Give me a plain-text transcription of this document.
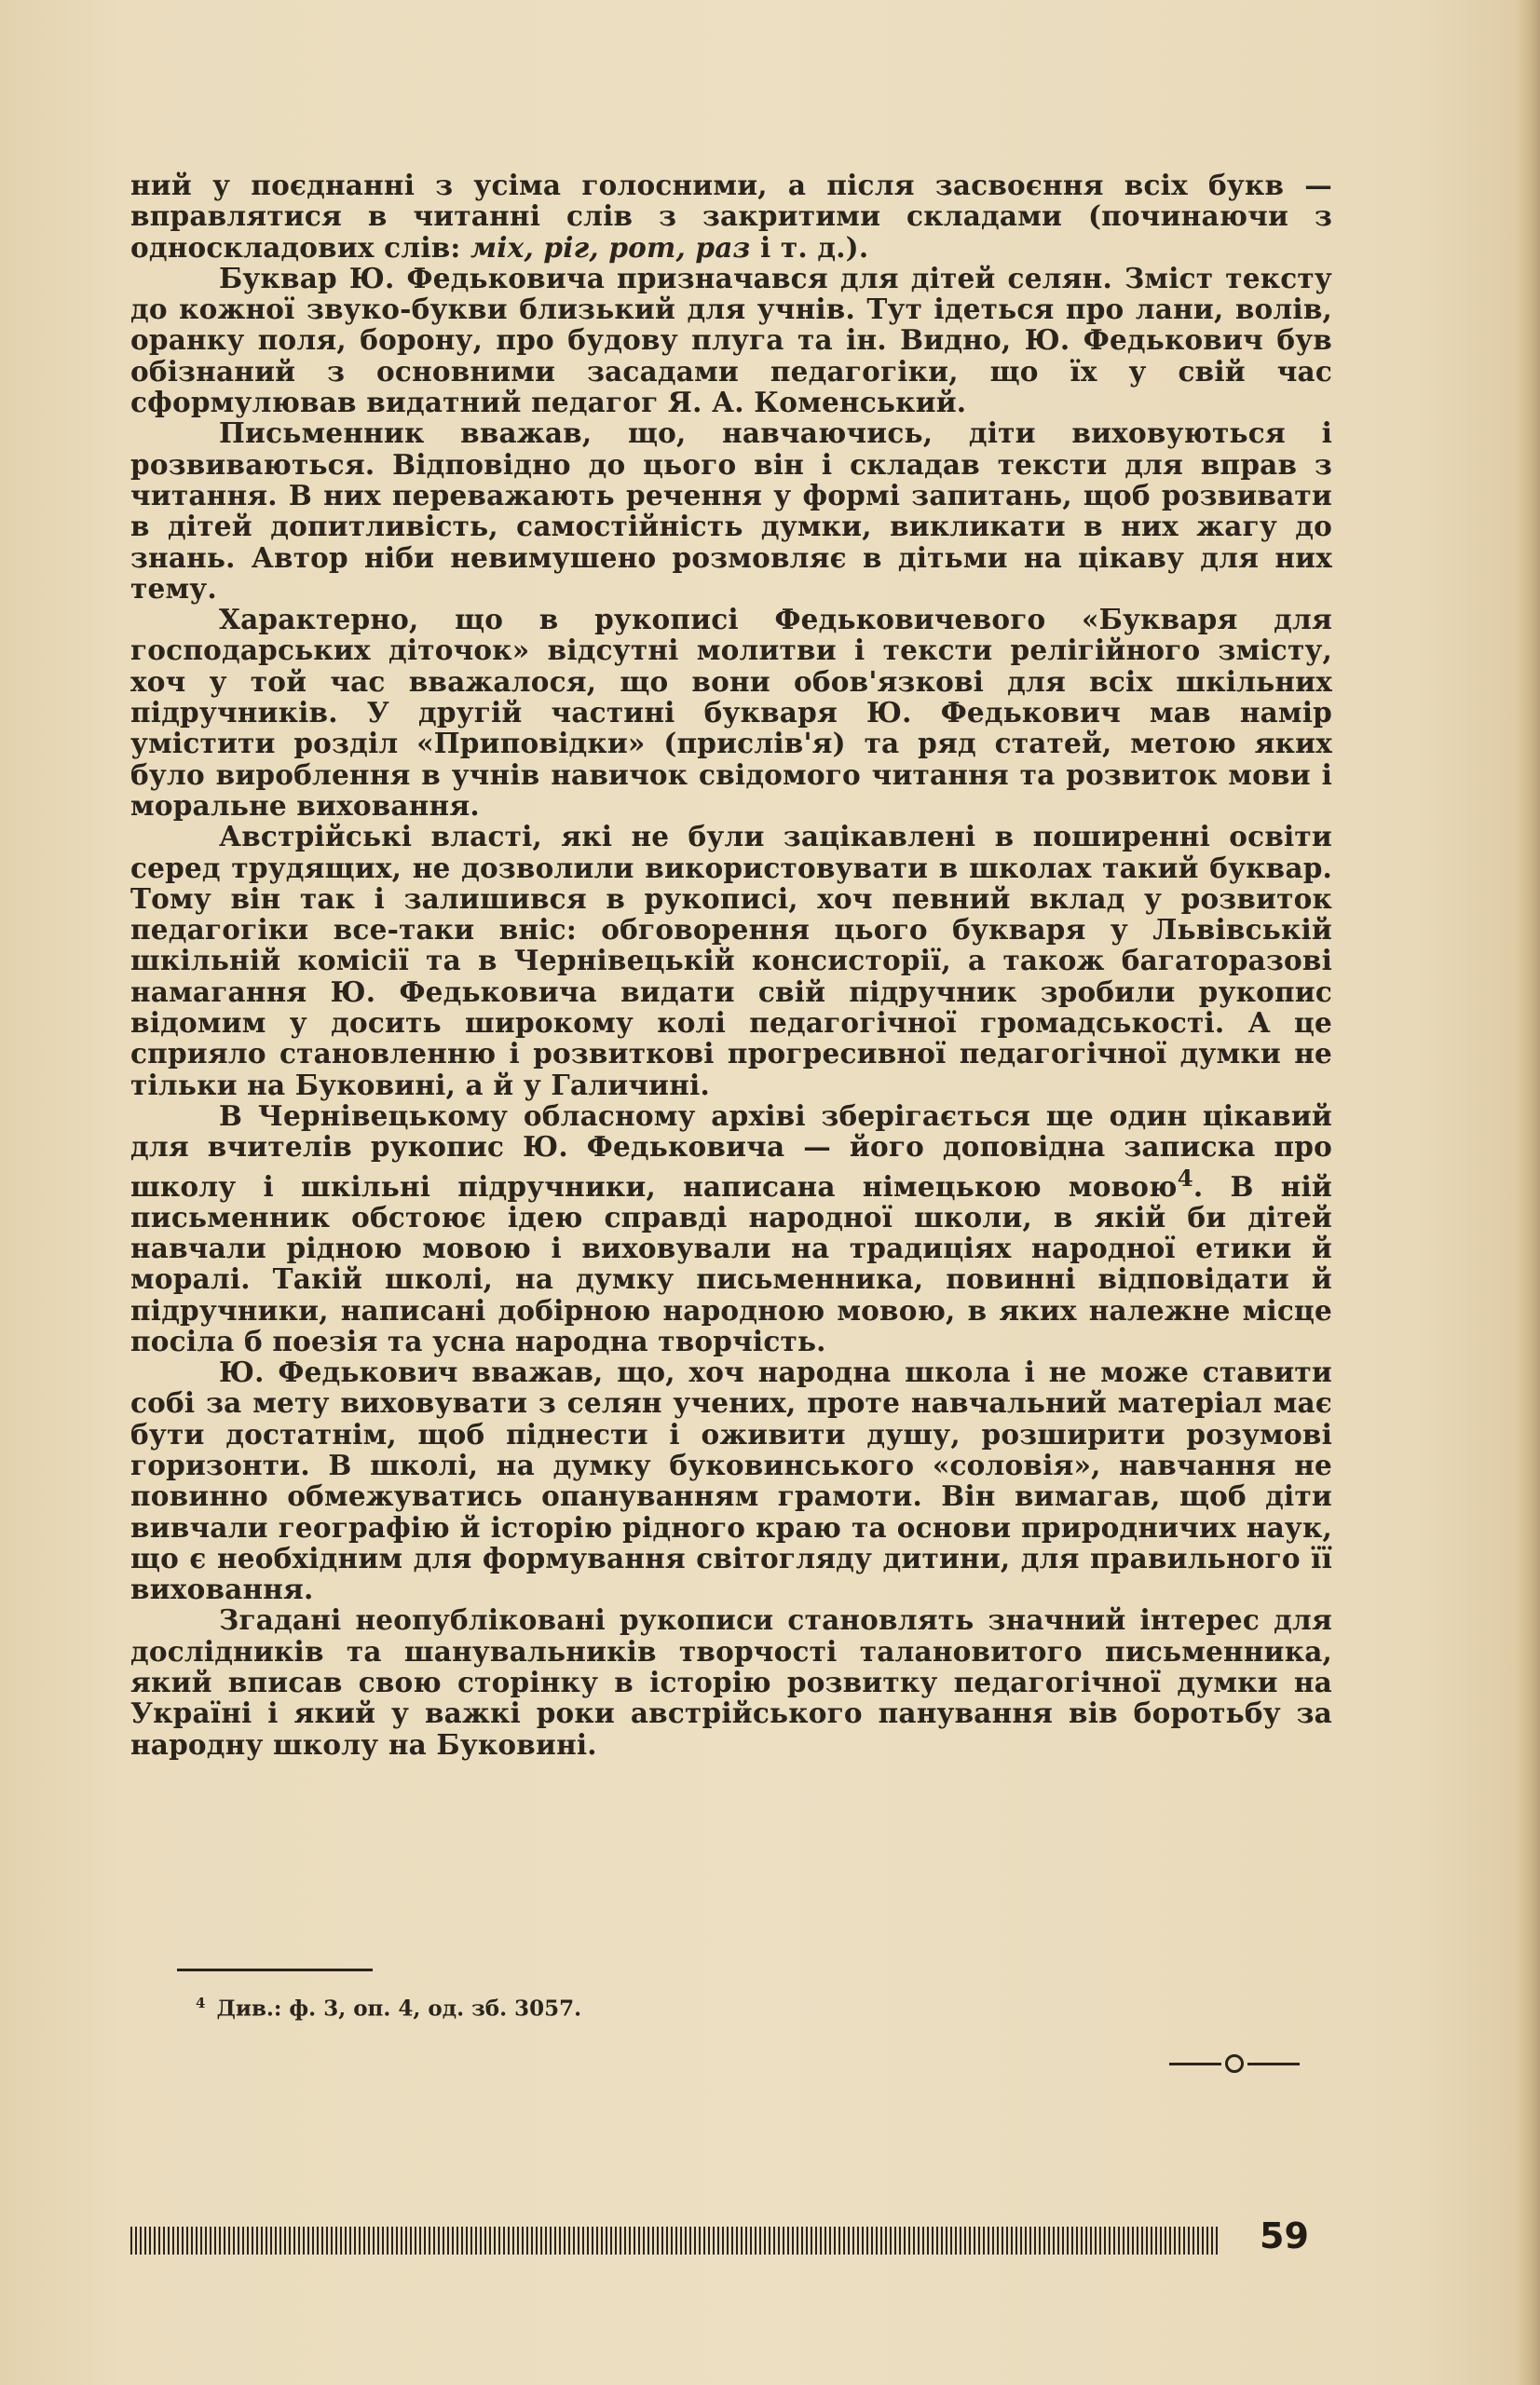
ний у поєднанні з усіма голосними, а після засвоєння всіх букв — вправлятися в читанні слів з закритими складами (починаючи з односкладових слів: міх, ріг, рот, раз і т. д.).

Буквар Ю. Федьковича призначався для дітей селян. Зміст тексту до кожної звуко-букви близький для учнів. Тут ідеться про лани, волів, оранку поля, борону, про будову плуга та ін. Видно, Ю. Федькович був обізнаний з основними засадами педагогіки, що їх у свій час сформулював видатний педагог Я. А. Коменський.

Письменник вважав, що, навчаючись, діти виховуються і розвиваються. Відповідно до цього він і складав тексти для вправ з читання. В них переважають речення у формі запитань, щоб розвивати в дітей допитливість, самостійність думки, викликати в них жагу до знань. Автор ніби невимушено розмовляє в дітьми на цікаву для них тему.

Характерно, що в рукописі Федьковичевого «Букваря для господарських діточок» відсутні молитви і тексти релігійного змісту, хоч у той час вважалося, що вони обов'язкові для всіх шкільних підручників. У другій частині букваря Ю. Федькович мав намір умістити розділ «Приповідки» (прислів'я) та ряд статей, метою яких було вироблення в учнів навичок свідомого читання та розвиток мови і моральне виховання.

Австрійські власті, які не були зацікавлені в поширенні освіти серед трудящих, не дозволили використовувати в школах такий буквар. Тому він так і залишився в рукописі, хоч певний вклад у розвиток педагогіки все-таки вніс: обговорення цього букваря у Львівській шкільній комісії та в Чернівецькій консисторії, а також багаторазові намагання Ю. Федьковича видати свій підручник зробили рукопис відомим у досить широкому колі педагогічної громадськості. А це сприяло становленню і розвиткові прогресивної педагогічної думки не тільки на Буковині, а й у Галичині.

В Чернівецькому обласному архіві зберігається ще один цікавий для вчителів рукопис Ю. Федьковича — його доповідна записка про школу і шкільні підручники, написана німецькою мовою$^4$. В ній письменник обстоює ідею справді народної школи, в якій би дітей навчали рідною мовою і виховували на традиціях народної етики й моралі. Такій школі, на думку письменника, повинні відповідати й підручники, написані добірною народною мовою, в яких належне місце посіла б поезія та усна народна творчість.

Ю. Федькович вважав, що, хоч народна школа і не може ставити собі за мету виховувати з селян учених, проте навчальний матеріал має бути достатнім, щоб піднести і оживити душу, розширити розумові горизонти. В школі, на думку буковинського «соловія», навчання не повинно обмежуватись опануванням грамоти. Він вимагав, щоб діти вивчали географію й історію рідного краю та основи природничих наук, що є необхідним для формування світогляду дитини, для правильного її виховання.

Згадані неопубліковані рукописи становлять значний інтерес для дослідників та шанувальників творчості талановитого письменника, який вписав свою сторінку в історію розвитку педагогічної думки на Україні і який у важкі роки австрійського панування вів боротьбу за народну школу на Буковині.

$^4$ Див.: ф. 3, оп. 4, од. зб. 3057.
59
